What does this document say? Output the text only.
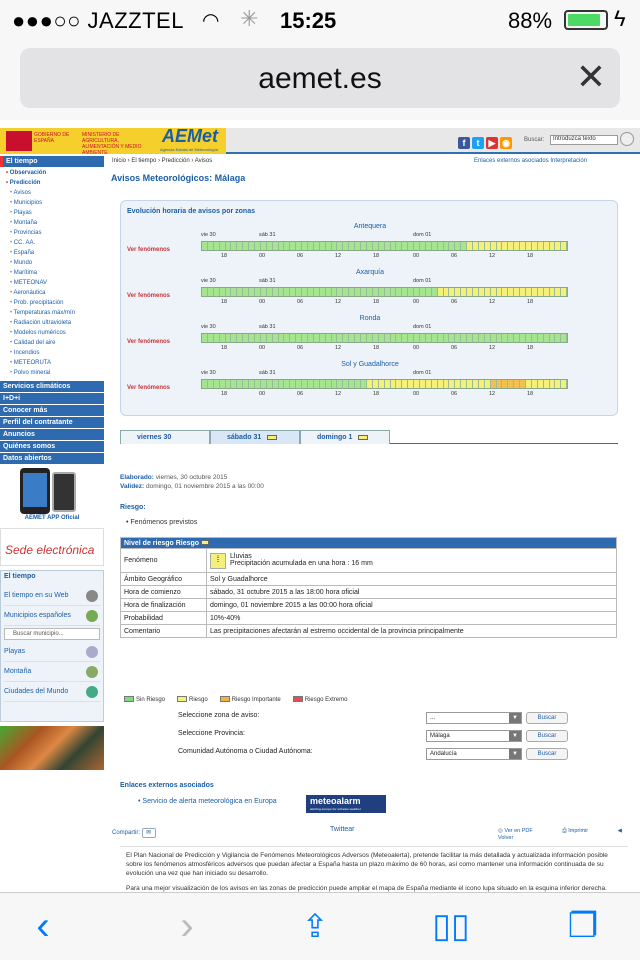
●●●○○ JAZZTEL ◠ ✳ 15:25	88%	ϟ
aemet.es	✕
GOBIERNO DE ESPAÑA
MINISTERIO DE AGRICULTURA, ALIMENTACIÓN Y MEDIO AMBIENTE
AEMet
Agencia Estatal de Meteorología
f t ▶ ◉	Buscar:	Introduzca texto
El tiempo
• Observación
• Predicción
• Avisos
• Municipios
• Playas
• Montaña
• Provincias
• CC. AA.
• España
• Mundo
• Marítima
• METEONAV
• Aeronáutica
• Prob. precipitación
• Temperaturas máx/mín
• Radiación ultravioleta
• Modelos numéricos
• Calidad del aire
• Incendios
• METEORUTA
• Polvo mineral
Servicios climáticos
I+D+i
Conocer más
Perfil del contratante
Anuncios
Quiénes somos
Datos abiertos
AEMET APP Oficial
Sede electrónica
El tiempo
El tiempo en su Web
Municipios españoles
Buscar municipio...
Playas
Montaña
Ciudades del Mundo
Inicio › El tiempo › Predicción › Avisos	Enlaces externos asociados Interpretación
Avisos Meteorológicos: Málaga
Evolución horaria de avisos por zonas
Antequera
Ver fenómenos
vie 30	sáb 31	dom 01
18	00	06	12	18	00	06	12	18
Axarquía
Ver fenómenos
vie 30	sáb 31	dom 01
18	00	06	12	18	00	06	12	18
Ronda
Ver fenómenos
vie 30	sáb 31	dom 01
18	00	06	12	18	00	06	12	18
Sol y Guadalhorce
Ver fenómenos
vie 30	sáb 31	dom 01
18	00	06	12	18	00	06	12	18
viernes 30	sábado 31	domingo 1
Elaborado: viernes, 30 octubre 2015
Validez: domingo, 01 noviembre 2015 a las 00:00
Riesgo:
• Fenómenos previstos
Nivel de riesgo Riesgo	
Fenómeno	⁞ Lluvias
Precipitación acumulada en una hora : 16 mm
Ámbito Geográfico	Sol y Guadalhorce
Hora de comienzo	sábado, 31 octubre 2015 a las 18:00 hora oficial
Hora de finalización	domingo, 01 noviembre 2015 a las 00:00 hora oficial
Probabilidad	10%-40%
Comentario	Las precipitaciones afectarán al estremo occidental de la provincia principalmente
Sin Riesgo	Riesgo	Riesgo Importante	Riesgo Extremo
Seleccione zona de aviso:	...	▼	Buscar
Seleccione Provincia:	Málaga	▼	Buscar
Comunidad Autónoma o Ciudad Autónoma:	Andalucía	▼	Buscar
Enlaces externos asociados
• Servicio de alerta meteorológica en Europa	meteoalarm
alerting europe for extreme weather
Compartir: ✉	Twittear	◎ Ver en PDF	⎙ Imprimir	◀ Volver

El Plan Nacional de Predicción y Vigilancia de Fenómenos Meteorológicos Adversos (Meteoalerta), pretende facilitar la más detallada y actualizada información posible sobre los fenómenos atmosféricos adversos que puedan afectar a España hasta un plazo máximo de 60 horas, así como mantener una información continuada de su evolución una vez que han iniciado su desarrollo.

Para una mejor visualización de los avisos en las zonas de predicción puede ampliar el mapa de España mediante el icono lupa situado en la esquina inferior derecha.

‹	›	⇪	▯▯	❐
